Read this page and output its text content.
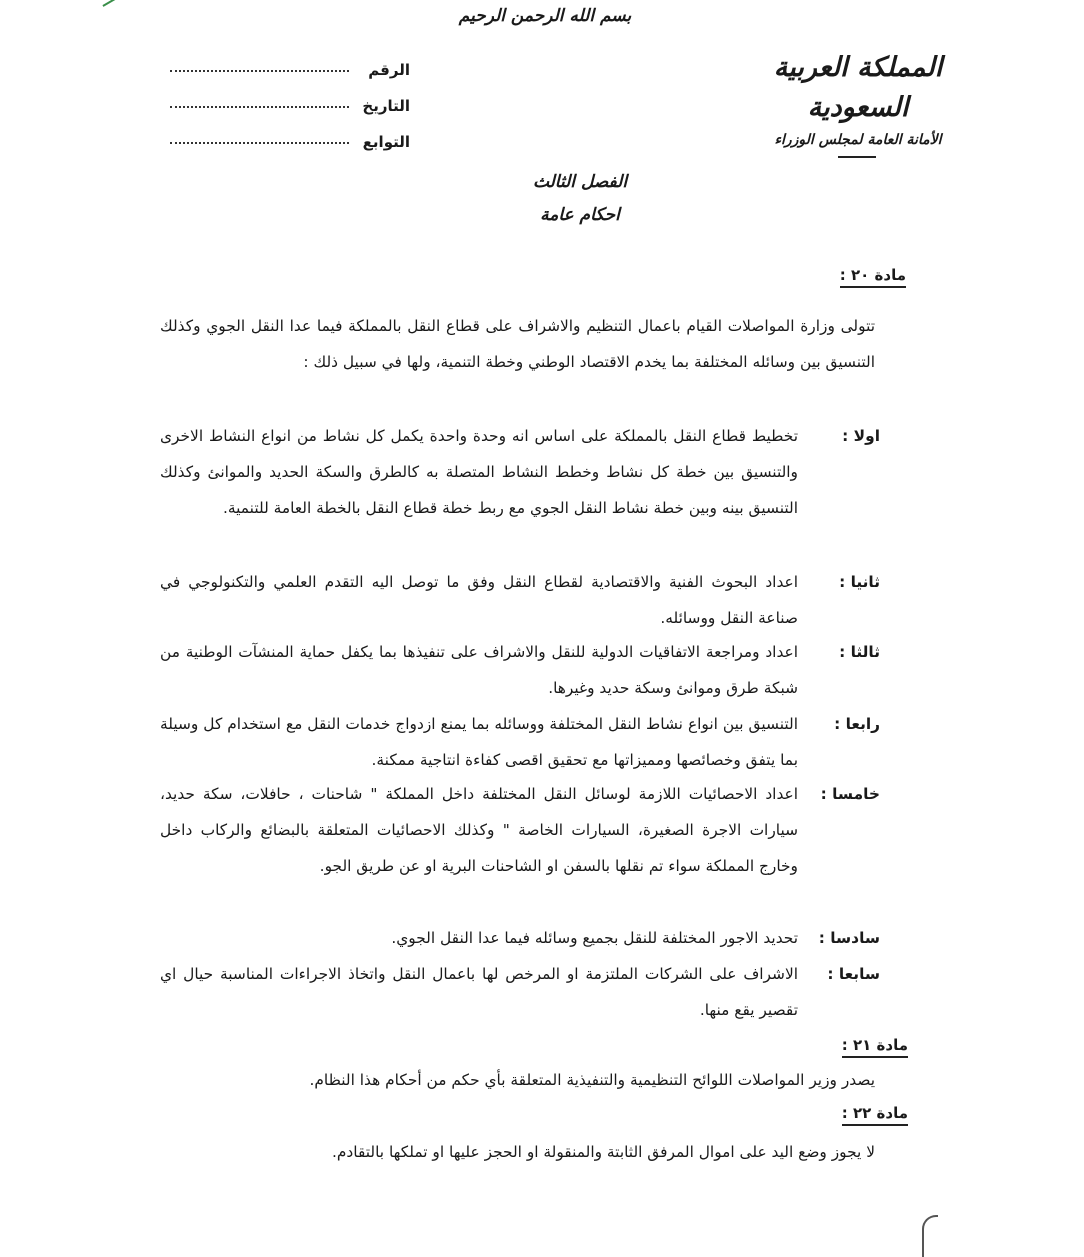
بسم الله الرحمن الرحيم
الرقم
التاريخ
التوابع
المملكة العربية السعودية
الأمانة العامة لمجلس الوزراء
الفصل الثالث
احكام عامة
مادة ٢٠ :
تتولى وزارة المواصلات القيام باعمال التنظيم والاشراف على قطاع النقل بالمملكة فيما عدا النقل الجوي وكذلك التنسيق بين وسائله المختلفة بما يخدم الاقتصاد الوطني وخطة التنمية، ولها في سبيل ذلك :
اولا :
تخطيط قطاع النقل بالمملكة على اساس انه وحدة واحدة يكمل كل نشاط من انواع النشاط الاخرى والتنسيق بين خطة كل نشاط وخطط النشاط المتصلة به كالطرق والسكة الحديد والموانئ وكذلك التنسيق بينه وبين خطة نشاط النقل الجوي مع ربط خطة قطاع النقل بالخطة العامة للتنمية.
ثانيا :
اعداد البحوث الفنية والاقتصادية لقطاع النقل وفق ما توصل اليه التقدم العلمي والتكنولوجي في صناعة النقل ووسائله.
ثالثا :
اعداد ومراجعة الاتفاقيات الدولية للنقل والاشراف على تنفيذها بما يكفل حماية المنشآت الوطنية من شبكة طرق وموانئ وسكة حديد وغيرها.
رابعا :
التنسيق بين انواع نشاط النقل المختلفة ووسائله بما يمنع ازدواج خدمات النقل مع استخدام كل وسيلة بما يتفق وخصائصها ومميزاتها مع تحقيق اقصى كفاءة انتاجية ممكنة.
خامسا :
اعداد الاحصائيات اللازمة لوسائل النقل المختلفة داخل المملكة " شاحنات ، حافلات، سكة حديد، سيارات الاجرة الصغيرة، السيارات الخاصة " وكذلك الاحصائيات المتعلقة بالبضائع والركاب داخل وخارج المملكة سواء تم نقلها بالسفن او الشاحنات البرية او عن طريق الجو.
سادسا :
تحديد الاجور المختلفة للنقل بجميع وسائله فيما عدا النقل الجوي.
سابعا :
الاشراف على الشركات الملتزمة او المرخص لها باعمال النقل واتخاذ الاجراءات المناسبة حيال اي تقصير يقع منها.
مادة ٢١ :
يصدر وزير المواصلات اللوائح التنظيمية والتنفيذية المتعلقة بأي حكم من أحكام هذا النظام.
مادة ٢٢ :
لا يجوز وضع اليد على اموال المرفق الثابتة والمنقولة او الحجز عليها او تملكها بالتقادم.
